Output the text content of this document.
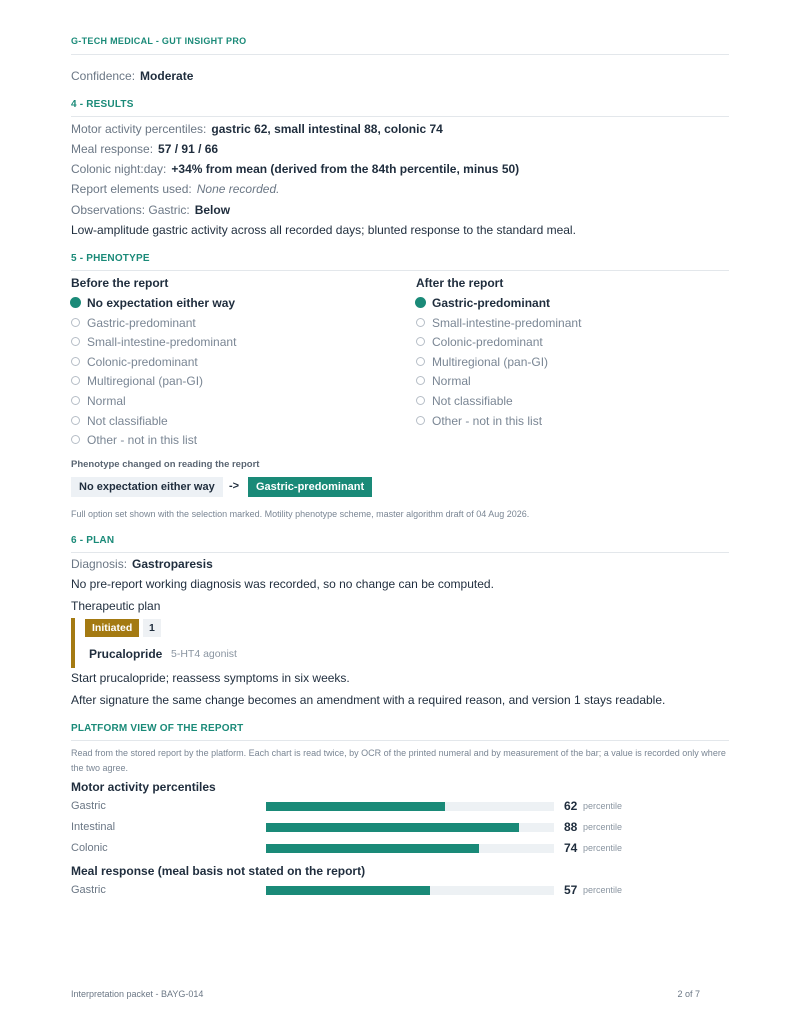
G-TECH MEDICAL - GUT INSIGHT PRO
Confidence: Moderate
4 - RESULTS
Motor activity percentiles: gastric 62, small intestinal 88, colonic 74
Meal response: 57 / 91 / 66
Colonic night:day: +34% from mean (derived from the 84th percentile, minus 50)
Report elements used: None recorded.
Observations: Gastric: Below
Low-amplitude gastric activity across all recorded days; blunted response to the standard meal.
5 - PHENOTYPE
Before the report	After the report
No expectation either way
Gastric-predominant
Small-intestine-predominant
Colonic-predominant
Multiregional (pan-GI)
Normal
Not classifiable
Other - not in this list
Gastric-predominant
Small-intestine-predominant
Colonic-predominant
Multiregional (pan-GI)
Normal
Not classifiable
Other - not in this list
Phenotype changed on reading the report
No expectation either way	->	Gastric-predominant
Full option set shown with the selection marked. Motility phenotype scheme, master algorithm draft of 04 Aug 2026.
6 - PLAN
Diagnosis: Gastroparesis
No pre-report working diagnosis was recorded, so no change can be computed.
Therapeutic plan
Initiated	1
Prucalopride 5-HT4 agonist
Start prucalopride; reassess symptoms in six weeks.
After signature the same change becomes an amendment with a required reason, and version 1 stays readable.
PLATFORM VIEW OF THE REPORT
Read from the stored report by the platform. Each chart is read twice, by OCR of the printed numeral and by measurement of the bar; a value is recorded only where the two agree.
Motor activity percentiles
Gastric	62 percentile
Intestinal	88 percentile
Colonic	74 percentile
Meal response (meal basis not stated on the report)
Gastric	57 percentile
Interpretation packet - BAYG-014	2 of 7
